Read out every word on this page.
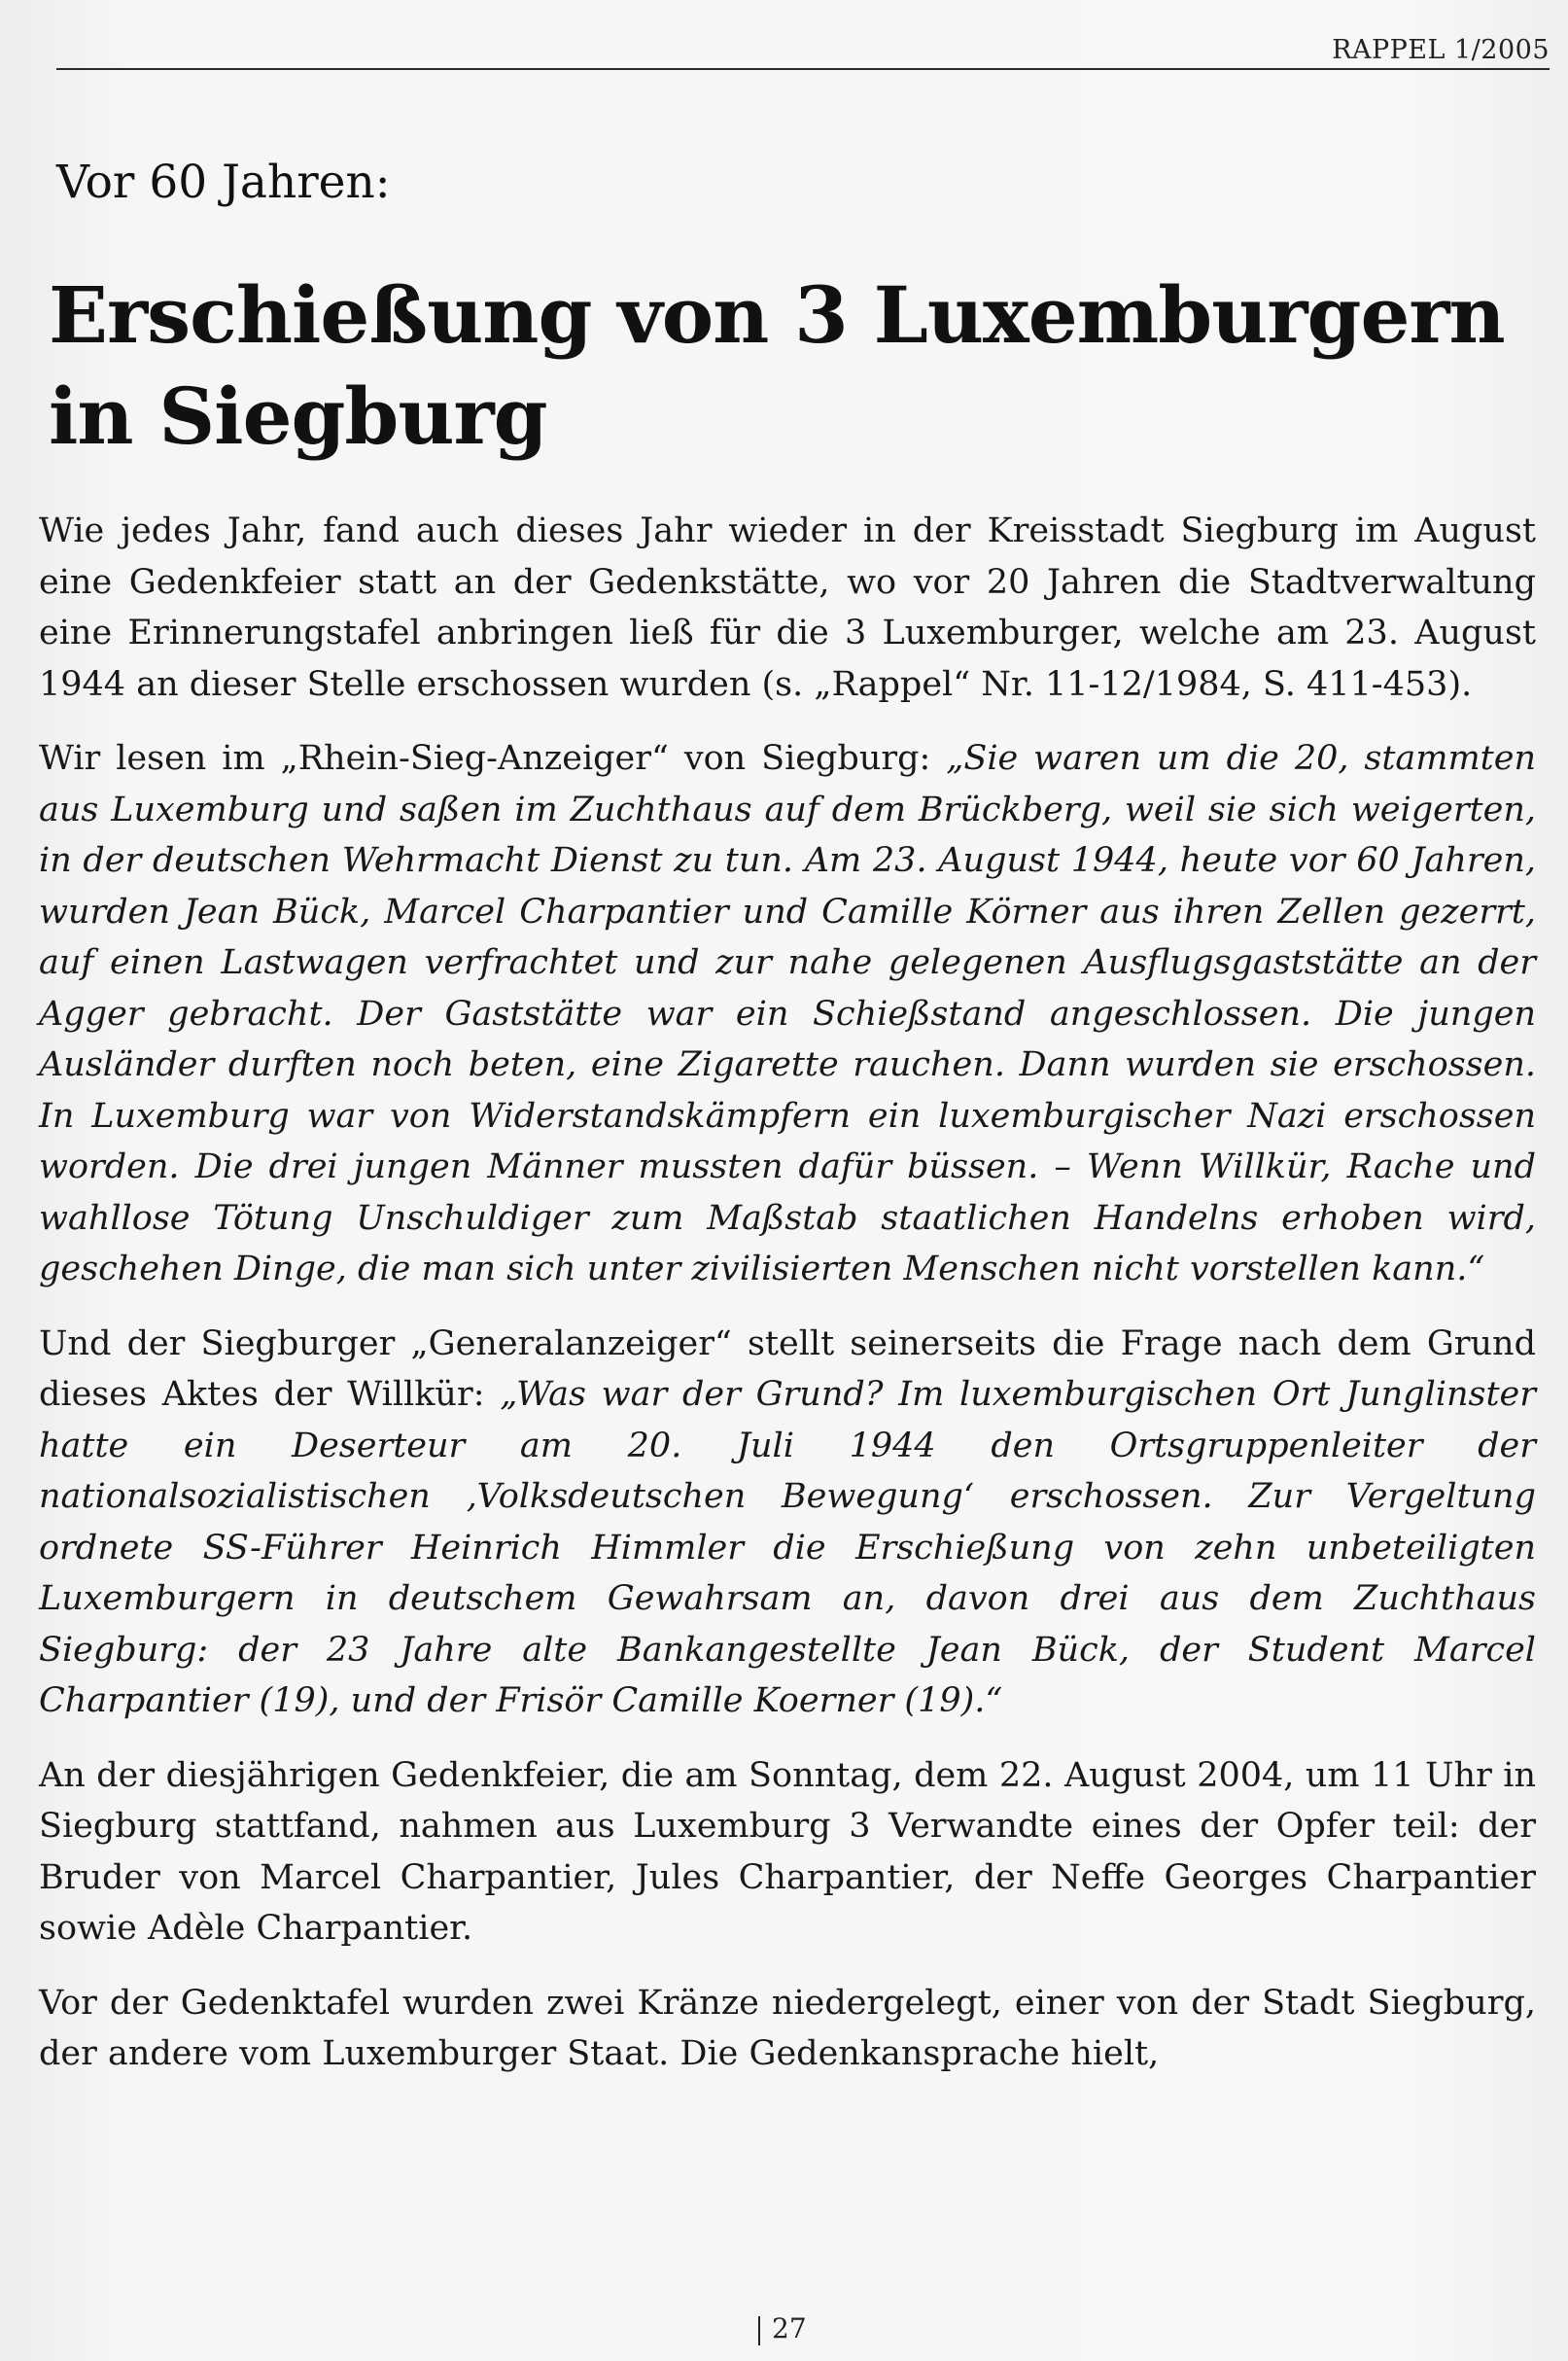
RAPPEL 1/2005
Vor 60 Jahren:
Erschießung von 3 Luxemburgern in Siegburg

Wie jedes Jahr, fand auch dieses Jahr wieder in der Kreisstadt Siegburg im August eine Gedenkfeier statt an der Gedenkstätte, wo vor 20 Jahren die Stadtverwaltung eine Erinnerungstafel anbringen ließ für die 3 Luxemburger, welche am 23. August 1944 an dieser Stelle erschossen wurden (s. „Rappel“ Nr. 11-12/1984, S. 411-453).

Wir lesen im „Rhein-Sieg-Anzeiger“ von Siegburg: „Sie waren um die 20, stammten aus Luxemburg und saßen im Zuchthaus auf dem Brückberg, weil sie sich weigerten, in der deutschen Wehrmacht Dienst zu tun. Am 23. August 1944, heute vor 60 Jahren, wurden Jean Bück, Marcel Charpantier und Camille Körner aus ihren Zellen gezerrt, auf einen Lastwagen verfrachtet und zur nahe gelegenen Ausflugsgaststätte an der Agger gebracht. Der Gaststätte war ein Schießstand angeschlossen. Die jungen Ausländer durften noch beten, eine Zigarette rauchen. Dann wurden sie erschossen. In Luxemburg war von Widerstandskämpfern ein luxemburgischer Nazi erschossen worden. Die drei jungen Männer mussten dafür büssen. – Wenn Willkür, Rache und wahllose Tötung Unschuldiger zum Maßstab staatlichen Handelns erhoben wird, geschehen Dinge, die man sich unter zivilisierten Menschen nicht vorstellen kann.“

Und der Siegburger „Generalanzeiger“ stellt seinerseits die Frage nach dem Grund dieses Aktes der Willkür: „Was war der Grund? Im luxemburgischen Ort Junglinster hatte ein Deserteur am 20. Juli 1944 den Ortsgruppenleiter der nationalsozialistischen ‚Volksdeutschen Bewegung‘ erschossen. Zur Vergeltung ordnete SS-Führer Heinrich Himmler die Erschießung von zehn unbeteiligten Luxemburgern in deutschem Gewahrsam an, davon drei aus dem Zuchthaus Siegburg: der 23 Jahre alte Bankangestellte Jean Bück, der Student Marcel Charpantier (19), und der Frisör Camille Koerner (19).“

An der diesjährigen Gedenkfeier, die am Sonntag, dem 22. August 2004, um 11 Uhr in Siegburg stattfand, nahmen aus Luxemburg 3 Verwandte eines der Opfer teil: der Bruder von Marcel Charpantier, Jules Charpantier, der Neffe Georges Charpantier sowie Adèle Charpantier.

Vor der Gedenktafel wurden zwei Kränze niedergelegt, einer von der Stadt Siegburg, der andere vom Luxemburger Staat. Die Gedenkansprache hielt,

27
